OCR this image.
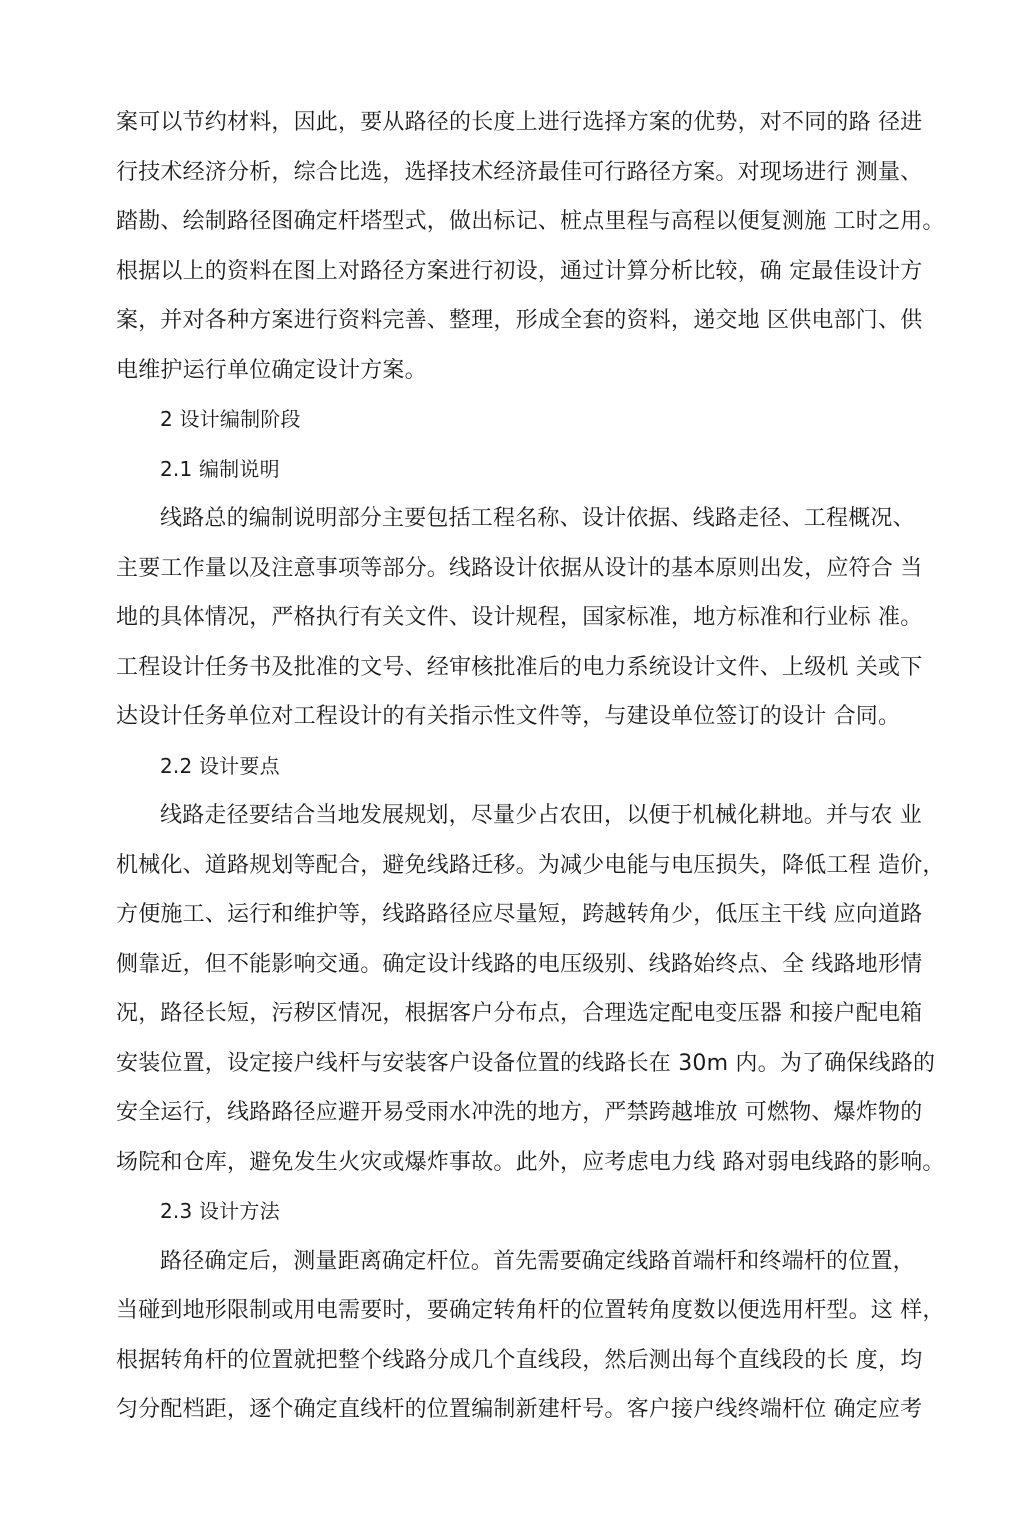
案可以节约材料，因此，要从路径的长度上进行选择方案的优势，对不同的路 径进
行技术经济分析，综合比选，选择技术经济最佳可行路径方案。对现场进行 测量、
踏勘、绘制路径图确定杆塔型式，做出标记、桩点里程与高程以便复测施 工时之用。
根据以上的资料在图上对路径方案进行初设，通过计算分析比较，确 定最佳设计方
案，并对各种方案进行资料完善、整理，形成全套的资料，递交地 区供电部门、供
电维护运行单位确定设计方案。
2 设计编制阶段
2.1 编制说明
线路总的编制说明部分主要包括工程名称、设计依据、线路走径、工程概况、
主要工作量以及注意事项等部分。线路设计依据从设计的基本原则出发，应符合 当
地的具体情况，严格执行有关文件、设计规程，国家标准，地方标准和行业标 准。
工程设计任务书及批准的文号、经审核批准后的电力系统设计文件、上级机 关或下
达设计任务单位对工程设计的有关指示性文件等，与建设单位签订的设计 合同。
2.2 设计要点
线路走径要结合当地发展规划，尽量少占农田，以便于机械化耕地。并与农 业
机械化、道路规划等配合，避免线路迁移。为减少电能与电压损失，降低工程 造价，
方便施工、运行和维护等，线路路径应尽量短，跨越转角少，低压主干线 应向道路
侧靠近，但不能影响交通。确定设计线路的电压级别、线路始终点、全 线路地形情
况，路径长短，污秽区情况，根据客户分布点，合理选定配电变压器 和接户配电箱
安装位置，设定接户线杆与安装客户设备位置的线路长在 30m 内。为了确保线路的
安全运行，线路路径应避开易受雨水冲洗的地方，严禁跨越堆放 可燃物、爆炸物的
场院和仓库，避免发生火灾或爆炸事故。此外，应考虑电力线 路对弱电线路的影响。
2.3 设计方法
路径确定后，测量距离确定杆位。首先需要确定线路首端杆和终端杆的位置，
当碰到地形限制或用电需要时，要确定转角杆的位置转角度数以便选用杆型。这 样，
根据转角杆的位置就把整个线路分成几个直线段，然后测出每个直线段的长 度，均
匀分配档距，逐个确定直线杆的位置编制新建杆号。客户接户线终端杆位 确定应考
